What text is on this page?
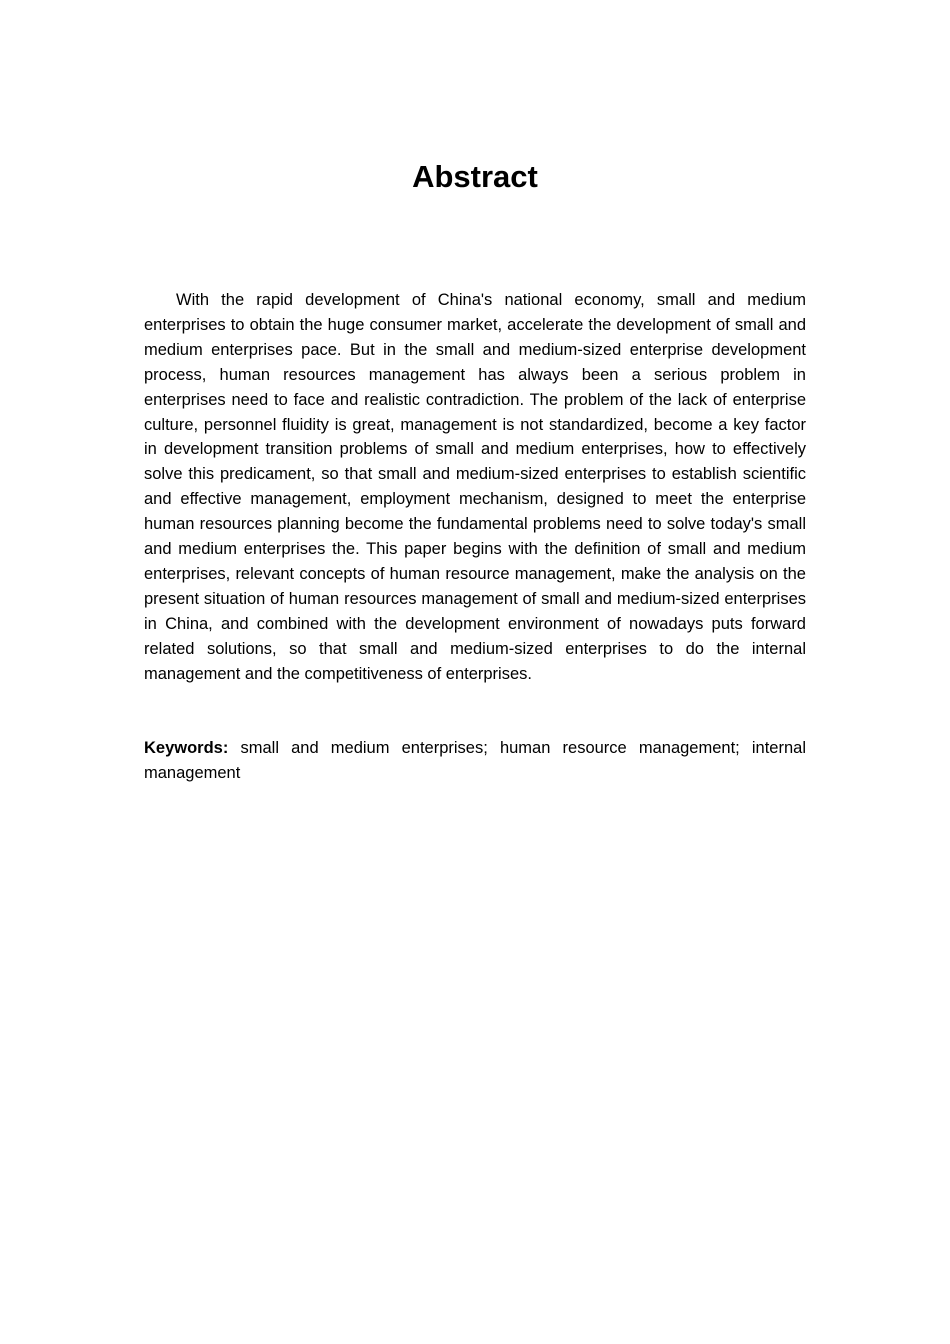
Abstract

With the rapid development of China's national economy, small and medium enterprises to obtain the huge consumer market, accelerate the development of small and medium enterprises pace. But in the small and medium-sized enterprise development process, human resources management has always been a serious problem in enterprises need to face and realistic contradiction. The problem of the lack of enterprise culture, personnel fluidity is great, management is not standardized, become a key factor in development transition problems of small and medium enterprises, how to effectively solve this predicament, so that small and medium-sized enterprises to establish scientific and effective management, employment mechanism, designed to meet the enterprise human resources planning become the fundamental problems need to solve today's small and medium enterprises the. This paper begins with the definition of small and medium enterprises, relevant concepts of human resource management, make the analysis on the present situation of human resources management of small and medium-sized enterprises in China, and combined with the development environment of nowadays puts forward related solutions, so that small and medium-sized enterprises to do the internal management and the competitiveness of enterprises.

Keywords: small and medium enterprises; human resource management; internal management
